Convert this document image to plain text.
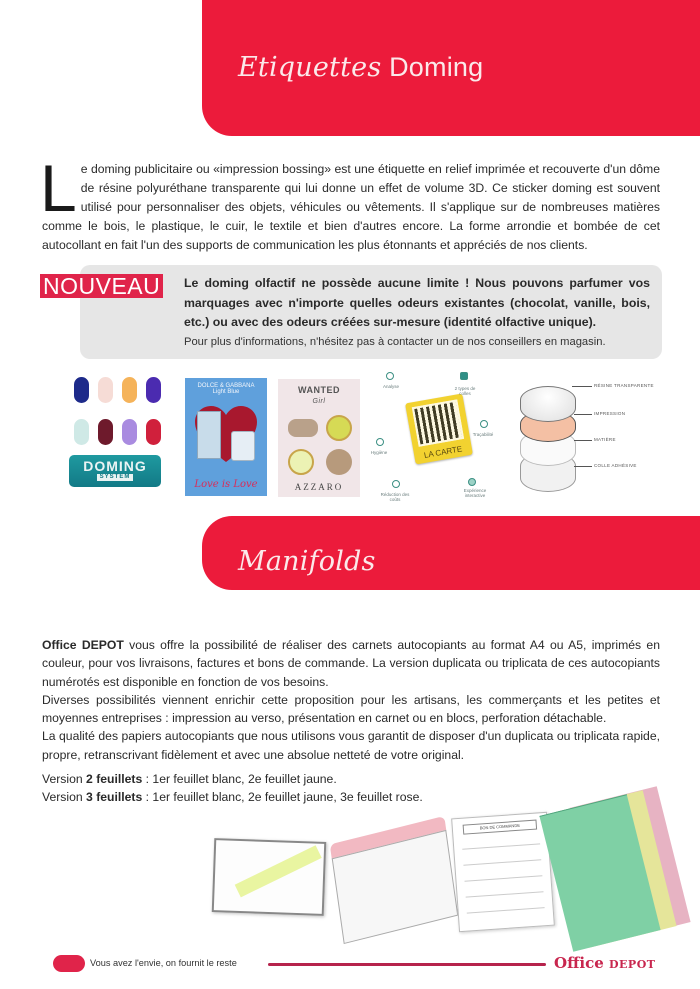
Etiquettes Doming
L e doming publicitaire ou «impression bossing» est une étiquette en relief imprimée et recouverte d'un dôme de résine polyuréthane transparente qui lui donne un effet de volume 3D. Ce sticker doming est souvent utilisé pour personnaliser des objets, véhicules ou vêtements. Il s'applique sur de nombreuses matières comme le bois, le plastique, le cuir, le textile et bien d'autres encore. La forme arrondie et bombée de cet autocollant en fait l'un des supports de communication les plus étonnants et appréciés de nos clients.
NOUVEAU Le doming olfactif ne possède aucune limite ! Nous pouvons parfumer vos marquages avec n'importe quelles odeurs existantes (chocolat, vanille, bois, etc.) ou avec des odeurs créées sur-mesure (identité olfactive unique).
Pour plus d'informations, n'hésitez pas à contacter un de nos conseillers en magasin.
DOMING
SYSTEM
DOLCE & GABBANA
Light Blue
Love is Love
WANTED
Girl
AZZARO
LA CARTE
Analyse	2 types de colles
Traçabilité
Expérience interactive
Réduction des coûts
Hygiène
RÉSINE TRANSPARENTE
IMPRESSION
MATIÈRE
COLLE ADHÉSIVE
Manifolds

Office DEPOT vous offre la possibilité de réaliser des carnets autocopiants au format A4 ou A5, imprimés en couleur, pour vos livraisons, factures et bons de commande. La version duplicata ou triplicata de ces autocopiants numérotés est disponible en fonction de vos besoins.

Diverses possibilités viennent enrichir cette proposition pour les artisans, les commerçants et les petites et moyennes entreprises : impression au verso, présentation en carnet ou en blocs, perforation détachable.

La qualité des papiers autocopiants que nous utilisons vous garantit de disposer d'un duplicata ou triplicata rapide, propre, retranscrivant fidèlement et avec une absolue netteté de votre original.

Version 2 feuillets : 1er feuillet blanc, 2e feuillet jaune.
Version 3 feuillets : 1er feuillet blanc, 2e feuillet jaune, 3e feuillet rose.
BON DE COMMANDE
Vous avez l'envie, on fournit le reste	Office DEPOT
